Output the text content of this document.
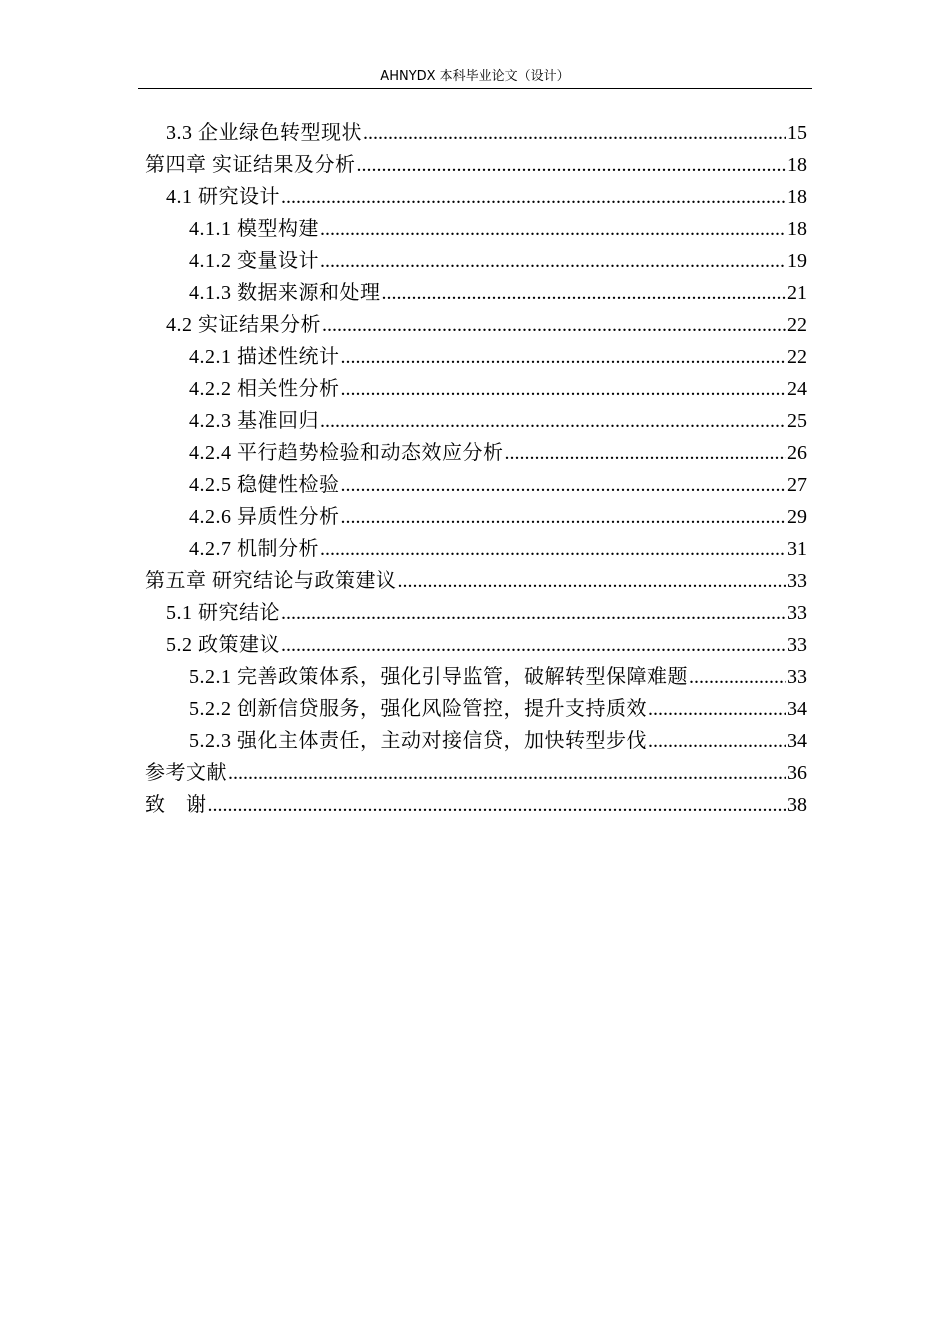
AHNYDX 本科毕业论文（设计）
3.3 企业绿色转型现状 .....	15
第四章 实证结果及分析 .....	18
4.1 研究设计 .....	18
4.1.1 模型构建 .....	18
4.1.2 变量设计 .....	19
4.1.3 数据来源和处理 .....	21
4.2 实证结果分析 .....	22
4.2.1 描述性统计 .....	22
4.2.2 相关性分析 .....	24
4.2.3 基准回归 .....	25
4.2.4 平行趋势检验和动态效应分析 .....	26
4.2.5 稳健性检验 .....	27
4.2.6 异质性分析 .....	29
4.2.7 机制分析 .....	31
第五章 研究结论与政策建议 .....	33
5.1 研究结论 .....	33
5.2 政策建议 .....	33
5.2.1 完善政策体系，强化引导监管，破解转型保障难题 .....	33
5.2.2 创新信贷服务，强化风险管控，提升支持质效 .....	34
5.2.3 强化主体责任，主动对接信贷，加快转型步伐 .....	34
参考文献 .....	36
致　谢 .....	38
